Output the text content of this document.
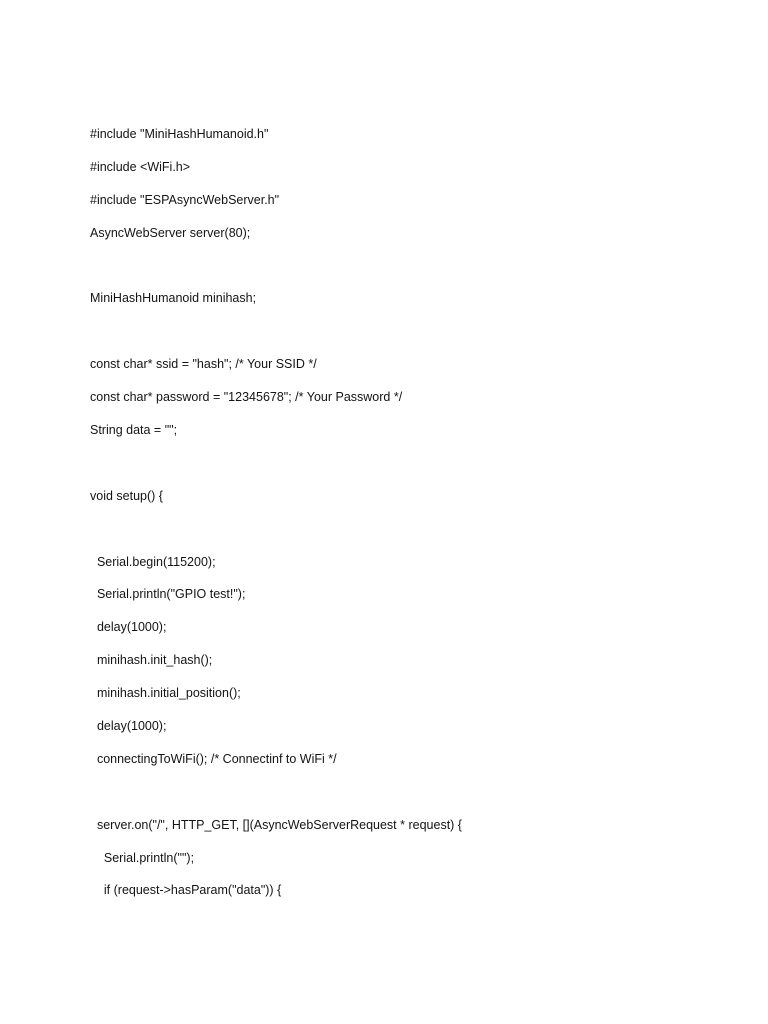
#include "MiniHashHumanoid.h"
#include <WiFi.h>
#include "ESPAsyncWebServer.h"
AsyncWebServer server(80);
MiniHashHumanoid minihash;
const char* ssid = "hash"; /* Your SSID */
const char* password = "12345678"; /* Your Password */
String data = "";
void setup() {
Serial.begin(115200);
Serial.println("GPIO test!");
delay(1000);
minihash.init_hash();
minihash.initial_position();
delay(1000);
connectingToWiFi(); /* Connectinf to WiFi */
server.on("/", HTTP_GET, [](AsyncWebServerRequest * request) {
Serial.println("");
if (request->hasParam("data")) {
